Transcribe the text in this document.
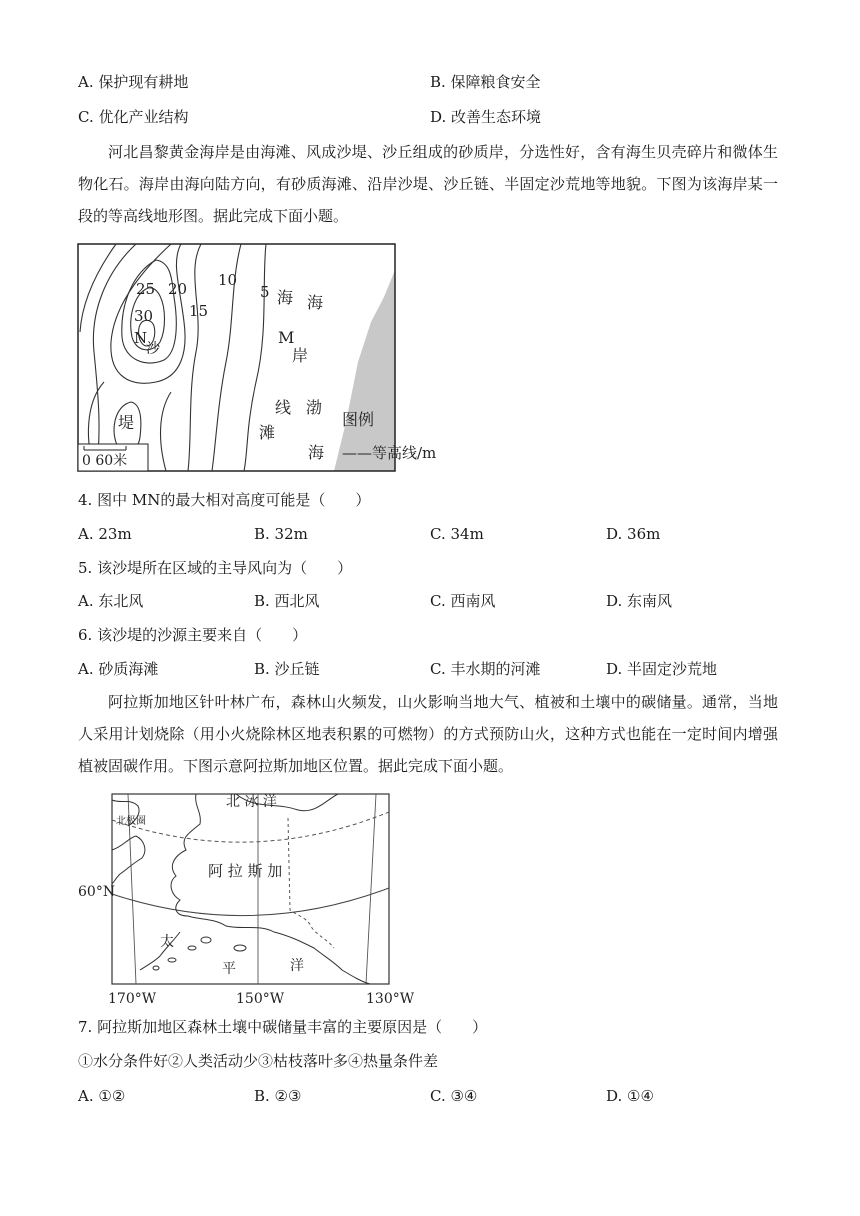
A. 保护现有耕地	B. 保障粮食安全
C. 优化产业结构	D. 改善生态环境
河北昌黎黄金海岸是由海滩、风成沙堤、沙丘组成的砂质岸，分选性好，含有海生贝壳碎片和微体生物化石。海岸由海向陆方向，有砂质海滩、沿岸沙堤、沙丘链、半固定沙荒地等地貌。下图为该海岸某一段的等高线地形图。据此完成下面小题。
25 20
30 15
10
5
N
沙
堤
海 海
M
岸
线 渤
滩
海
0 60米
图例
——等高线/m
4. 图中 MN的最大相对高度可能是（　　）
A. 23m	B. 32m	C. 34m	D. 36m
5. 该沙堤所在区域的主导风向为（　　）
A. 东北风	B. 西北风	C. 西南风	D. 东南风
6. 该沙堤的沙源主要来自（　　）
A. 砂质海滩	B. 沙丘链	C. 丰水期的河滩	D. 半固定沙荒地
阿拉斯加地区针叶林广布，森林山火频发，山火影响当地大气、植被和土壤中的碳储量。通常，当地人采用计划烧除（用小火烧除林区地表积累的可燃物）的方式预防山火，这种方式也能在一定时间内增强植被固碳作用。下图示意阿拉斯加地区位置。据此完成下面小题。
北 冰 洋
北极圈
阿 拉 斯 加
太
平	洋
60°N
170°W	150°W	130°W
7. 阿拉斯加地区森林土壤中碳储量丰富的主要原因是（　　）
①水分条件好②人类活动少③枯枝落叶多④热量条件差
A. ①②	B. ②③	C. ③④	D. ①④
